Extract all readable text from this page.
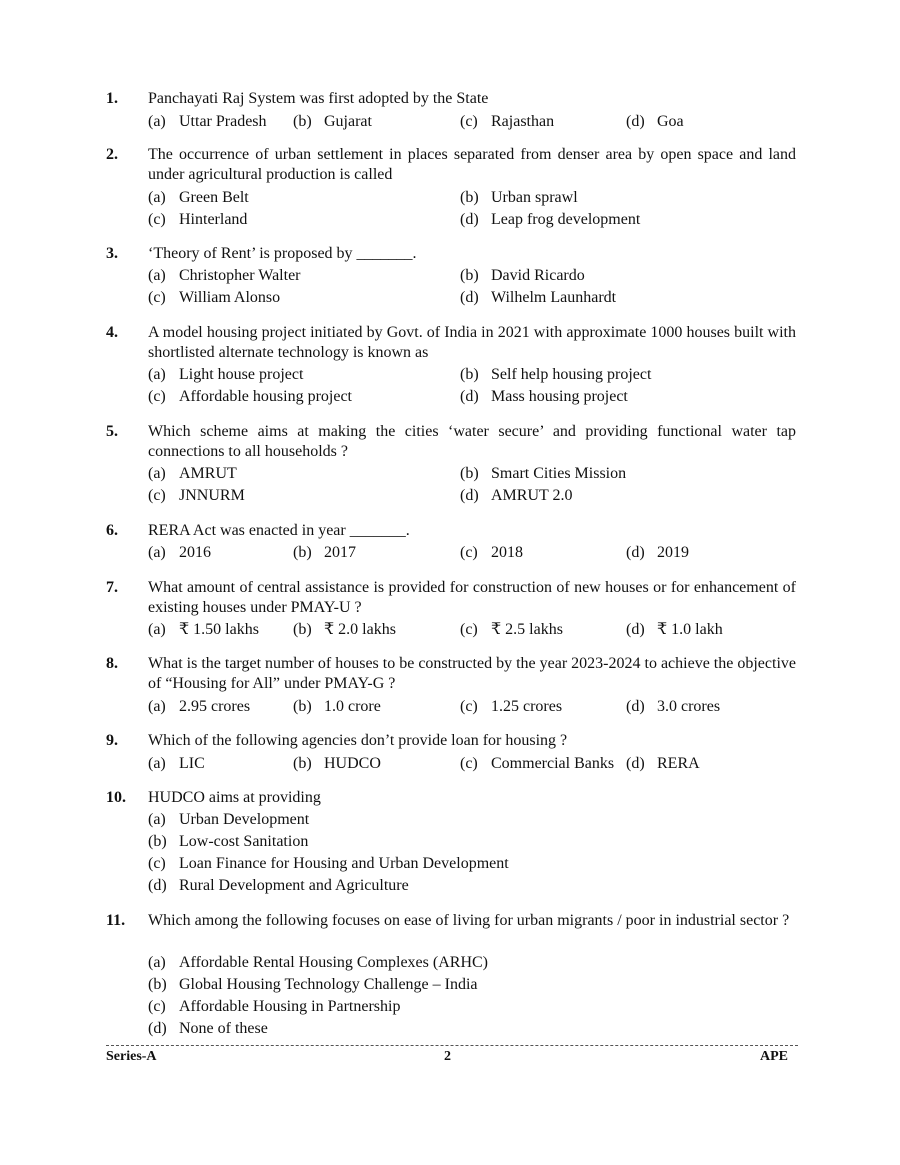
1. Panchayati Raj System was first adopted by the State
(a) Uttar Pradesh (b) Gujarat	(c) Rajasthan	(d) Goa
2. The occurrence of urban settlement in places separated from denser area by open space and land under agricultural production is called
(a) Green Belt	(b) Urban sprawl
(c) Hinterland	(d) Leap frog development
3. ‘Theory of Rent’ is proposed by _______.
(a) Christopher Walter	(b) David Ricardo
(c) William Alonso	(d) Wilhelm Launhardt
4. A model housing project initiated by Govt. of India in 2021 with approximate 1000 houses built with shortlisted alternate technology is known as
(a) Light house project	(b) Self help housing project
(c) Affordable housing project	(d) Mass housing project
5. Which scheme aims at making the cities ‘water secure’ and providing functional water tap connections to all households ?
(a) AMRUT	(b) Smart Cities Mission
(c) JNNURM	(d) AMRUT 2.0
6. RERA Act was enacted in year _______.
(a) 2016	(b) 2017	(c) 2018	(d) 2019
7. What amount of central assistance is provided for construction of new houses or for enhancement of existing houses under PMAY-U ?
(a) ₹ 1.50 lakhs (b) ₹ 2.0 lakhs	(c) ₹ 2.5 lakhs	(d) ₹ 1.0 lakh
8. What is the target number of houses to be constructed by the year 2023-2024 to achieve the objective of “Housing for All” under PMAY-G ?
(a) 2.95 crores	(b) 1.0 crore	(c) 1.25 crores	(d) 3.0 crores
9. Which of the following agencies don’t provide loan for housing ?
(a) LIC	(b) HUDCO	(c) Commercial Banks (d) RERA
10. HUDCO aims at providing
(a) Urban Development
(b) Low-cost Sanitation
(c) Loan Finance for Housing and Urban Development
(d) Rural Development and Agriculture
11. Which among the following focuses on ease of living for urban migrants / poor in industrial sector ?
(a) Affordable Rental Housing Complexes (ARHC)
(b) Global Housing Technology Challenge – India
(c) Affordable Housing in Partnership
(d) None of these
Series-A	2	APE
